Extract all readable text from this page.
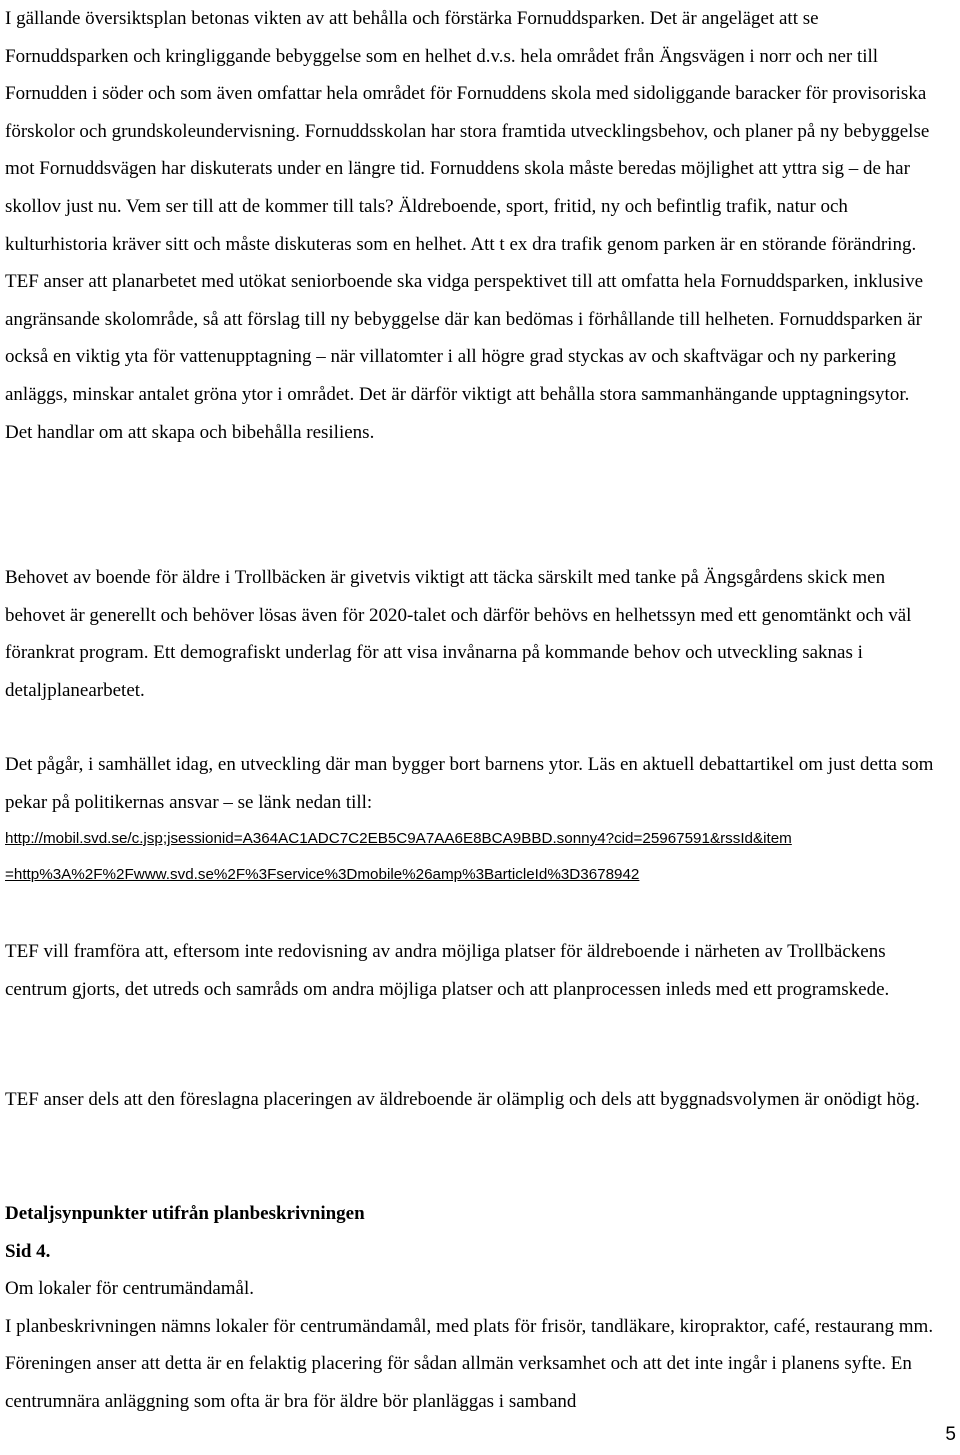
I gällande översiktsplan betonas vikten av att behålla och förstärka Fornuddsparken. Det är angeläget att se Fornuddsparken och kringliggande bebyggelse som en helhet d.v.s. hela området från Ängsvägen i norr och ner till Fornudden i söder och som även omfattar hela området för Fornuddens skola med sidoliggande baracker för provisoriska förskolor och grundskoleundervisning. Fornuddsskolan har stora framtida utvecklingsbehov, och planer på ny bebyggelse mot Fornuddsvägen har diskuterats under en längre tid. Fornuddens skola måste beredas möjlighet att yttra sig – de har skollov just nu. Vem ser till att de kommer till tals? Äldreboende, sport, fritid, ny och befintlig trafik, natur och kulturhistoria kräver sitt och måste diskuteras som en helhet. Att t ex dra trafik genom parken är en störande förändring. TEF anser att planarbetet med utökat seniorboende ska vidga perspektivet till att omfatta hela Fornuddsparken, inklusive angränsande skolområde, så att förslag till ny bebyggelse där kan bedömas i förhållande till helheten. Fornuddsparken är också en viktig yta för vattenupptagning – när villatomter i all högre grad styckas av och skaftvägar och ny parkering anläggs, minskar antalet gröna ytor i området. Det är därför viktigt att behålla stora sammanhängande upptagningsytor. Det handlar om att skapa och bibehålla resiliens.

Behovet av boende för äldre i Trollbäcken är givetvis viktigt att täcka särskilt med tanke på Ängsgårdens skick men behovet är generellt och behöver lösas även för 2020-talet och därför behövs en helhetssyn med ett genomtänkt och väl förankrat program. Ett demografiskt underlag för att visa invånarna på kommande behov och utveckling saknas i detaljplanearbetet.

Det pågår, i samhället idag, en utveckling där man bygger bort barnens ytor. Läs en aktuell debattartikel om just detta som pekar på politikernas ansvar – se länk nedan till:

http://mobil.svd.se/c.jsp;jsessionid=A364AC1ADC7C2EB5C9A7AA6E8BCA9BBD.sonny4?cid=25967591&rssId&item
=http%3A%2F%2Fwww.svd.se%2F%3Fservice%3Dmobile%26amp%3BarticleId%3D3678942

TEF vill framföra att, eftersom inte redovisning av andra möjliga platser för äldreboende i närheten av Trollbäckens centrum gjorts, det utreds och samråds om andra möjliga platser och att planprocessen inleds med ett programskede.

TEF anser dels att den föreslagna placeringen av äldreboende är olämplig och dels att byggnadsvolymen är onödigt hög.

Detaljsynpunkter utifrån planbeskrivningen
Sid 4.
Om lokaler för centrumändamål.
I planbeskrivningen nämns lokaler för centrumändamål, med plats för frisör, tandläkare, kiropraktor, café, restaurang mm. Föreningen anser att detta är en felaktig placering för sådan allmän verksamhet och att det inte ingår i planens syfte. En centrumnära anläggning som ofta är bra för äldre bör planläggas i samband
5
